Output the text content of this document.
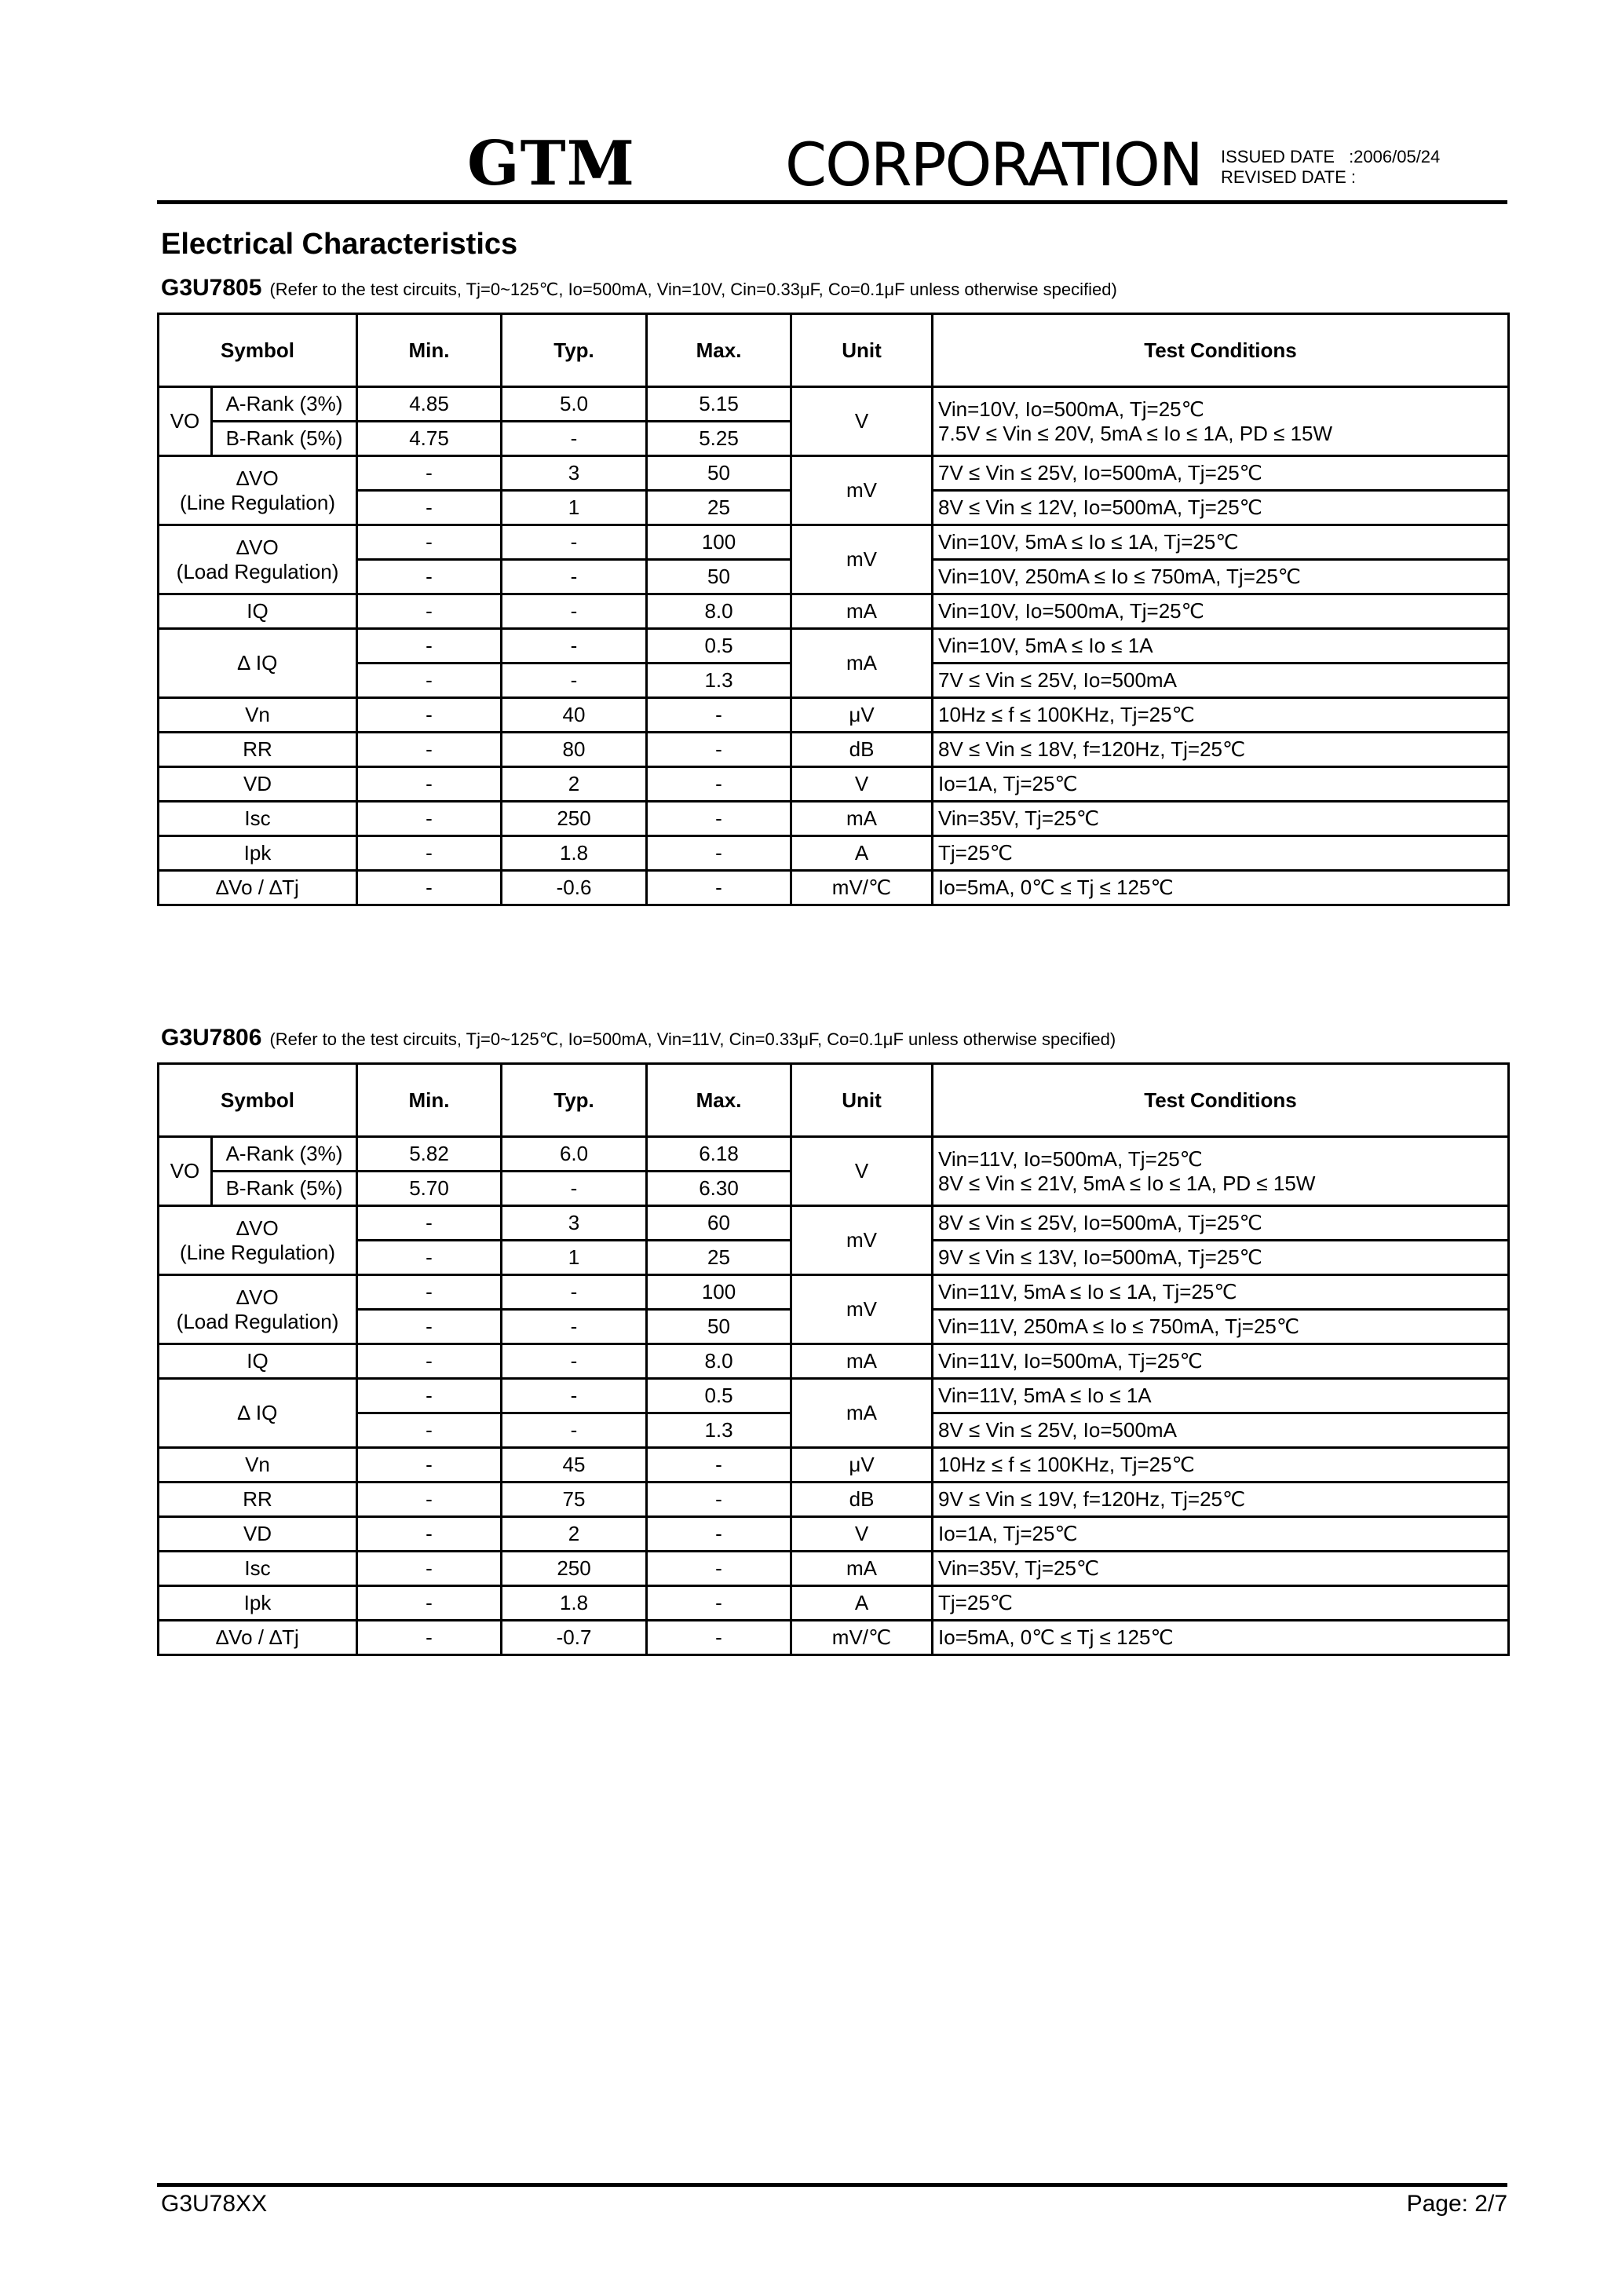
GTM	CORPORATION ISSUED DATE :2006/05/24
REVISED DATE :
Electrical Characteristics
G3U7805 (Refer to the test circuits, Tj=0~125℃, Io=500mA, Vin=10V, Cin=0.33μF, Co=0.1μF unless otherwise specified)
Symbol		Min.	Typ.	Max.	Unit	Test Conditions
VO	A-Rank (3%)	4.85	5.0	5.15	V	Vin=10V, Io=500mA, Tj=25℃
7.5V ≤ Vin ≤ 20V, 5mA ≤ Io ≤ 1A, PD ≤ 15W

	B-Rank (5%)	4.75	-	5.25		

∆VO
(Line Regulation)		-	3	50	mV	7V ≤ Vin ≤ 25V, Io=500mA, Tj=25℃
		-	1	25		8V ≤ Vin ≤ 12V, Io=500mA, Tj=25℃

∆VO
(Load Regulation)		-	-	100	mV	Vin=10V, 5mA ≤ Io ≤ 1A, Tj=25℃
		-	-	50		Vin=10V, 250mA ≤ Io ≤ 750mA, Tj=25℃
IQ		-	-	8.0	mA	Vin=10V, Io=500mA, Tj=25℃
∆ IQ		-	-	0.5	mA	Vin=10V, 5mA ≤ Io ≤ 1A
		-	-	1.3		7V ≤ Vin ≤ 25V, Io=500mA
Vn		-	40	-	μV	10Hz ≤ f ≤ 100KHz, Tj=25℃
RR		-	80	-	dB	8V ≤ Vin ≤ 18V, f=120Hz, Tj=25℃
VD		-	2	-	V	Io=1A, Tj=25℃
Isc		-	250	-	mA	Vin=35V, Tj=25℃
Ipk		-	1.8	-	A	Tj=25℃
∆Vo / ∆Tj		-	-0.6	-	mV/℃	Io=5mA, 0℃ ≤ Tj ≤ 125℃
G3U7806 (Refer to the test circuits, Tj=0~125℃, Io=500mA, Vin=11V, Cin=0.33μF, Co=0.1μF unless otherwise specified)
Symbol		Min.	Typ.	Max.	Unit	Test Conditions
VO	A-Rank (3%)	5.82	6.0	6.18	V	Vin=11V, Io=500mA, Tj=25℃
8V ≤ Vin ≤ 21V, 5mA ≤ Io ≤ 1A, PD ≤ 15W

	B-Rank (5%)	5.70	-	6.30		

∆VO
(Line Regulation)		-	3	60	mV	8V ≤ Vin ≤ 25V, Io=500mA, Tj=25℃
		-	1	25		9V ≤ Vin ≤ 13V, Io=500mA, Tj=25℃

∆VO
(Load Regulation)		-	-	100	mV	Vin=11V, 5mA ≤ Io ≤ 1A, Tj=25℃
		-	-	50		Vin=11V, 250mA ≤ Io ≤ 750mA, Tj=25℃
IQ		-	-	8.0	mA	Vin=11V, Io=500mA, Tj=25℃
∆ IQ		-	-	0.5	mA	Vin=11V, 5mA ≤ Io ≤ 1A
		-	-	1.3		8V ≤ Vin ≤ 25V, Io=500mA
Vn		-	45	-	μV	10Hz ≤ f ≤ 100KHz, Tj=25℃
RR		-	75	-	dB	9V ≤ Vin ≤ 19V, f=120Hz, Tj=25℃
VD		-	2	-	V	Io=1A, Tj=25℃
Isc		-	250	-	mA	Vin=35V, Tj=25℃
Ipk		-	1.8	-	A	Tj=25℃
∆Vo / ∆Tj		-	-0.7	-	mV/℃	Io=5mA, 0℃ ≤ Tj ≤ 125℃
G3U78XX	Page: 2/7
